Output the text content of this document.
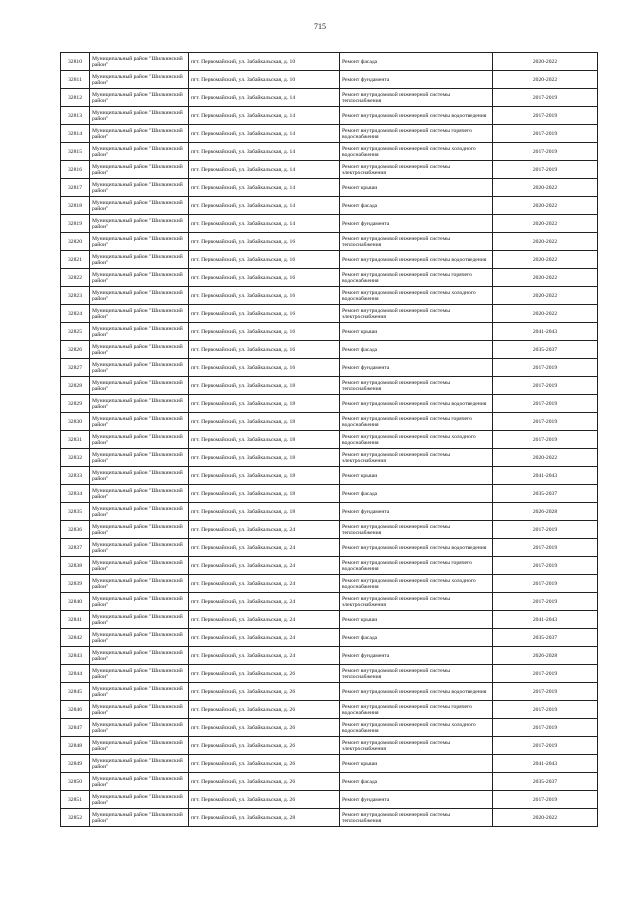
715
32810	Муниципальный район "Шилкинский район"	пгт. Первомайский, ул. Забайкальская, д. 10	Ремонт фасада	2020-2022
32811	Муниципальный район "Шилкинский район"	пгт. Первомайский, ул. Забайкальская, д. 10	Ремонт фундамента	2020-2022
32812	Муниципальный район "Шилкинский район"	пгт. Первомайский, ул. Забайкальская, д. 14	Ремонт внутридомовой инженерной системы теплоснабжения	2017-2019
32813	Муниципальный район "Шилкинский район"	пгт. Первомайский, ул. Забайкальская, д. 14	Ремонт внутридомовой инженерной системы водоотведения	2017-2019
32814	Муниципальный район "Шилкинский район"	пгт. Первомайский, ул. Забайкальская, д. 14	Ремонт внутридомовой инженерной системы горячего водоснабжения	2017-2019
32815	Муниципальный район "Шилкинский район"	пгт. Первомайский, ул. Забайкальская, д. 14	Ремонт внутридомовой инженерной системы холодного водоснабжения	2017-2019
32816	Муниципальный район "Шилкинский район"	пгт. Первомайский, ул. Забайкальская, д. 14	Ремонт внутридомовой инженерной системы электроснабжения	2017-2019
32817	Муниципальный район "Шилкинский район"	пгт. Первомайский, ул. Забайкальская, д. 14	Ремонт крыши	2020-2022
32818	Муниципальный район "Шилкинский район"	пгт. Первомайский, ул. Забайкальская, д. 14	Ремонт фасада	2020-2022
32819	Муниципальный район "Шилкинский район"	пгт. Первомайский, ул. Забайкальская, д. 14	Ремонт фундамента	2020-2022
32820	Муниципальный район "Шилкинский район"	пгт. Первомайский, ул. Забайкальская, д. 16	Ремонт внутридомовой инженерной системы теплоснабжения	2020-2022
32821	Муниципальный район "Шилкинский район"	пгт. Первомайский, ул. Забайкальская, д. 16	Ремонт внутридомовой инженерной системы водоотведения	2020-2022
32822	Муниципальный район "Шилкинский район"	пгт. Первомайский, ул. Забайкальская, д. 16	Ремонт внутридомовой инженерной системы горячего водоснабжения	2020-2022
32823	Муниципальный район "Шилкинский район"	пгт. Первомайский, ул. Забайкальская, д. 16	Ремонт внутридомовой инженерной системы холодного водоснабжения	2020-2022
32824	Муниципальный район "Шилкинский район"	пгт. Первомайский, ул. Забайкальская, д. 16	Ремонт внутридомовой инженерной системы электроснабжения	2020-2022
32825	Муниципальный район "Шилкинский район"	пгт. Первомайский, ул. Забайкальская, д. 16	Ремонт крыши	2041-2043
32826	Муниципальный район "Шилкинский район"	пгт. Первомайский, ул. Забайкальская, д. 16	Ремонт фасада	2035-2037
32827	Муниципальный район "Шилкинский район"	пгт. Первомайский, ул. Забайкальская, д. 16	Ремонт фундамента	2017-2019
32828	Муниципальный район "Шилкинский район"	пгт. Первомайский, ул. Забайкальская, д. 18	Ремонт внутридомовой инженерной системы теплоснабжения	2017-2019
32829	Муниципальный район "Шилкинский район"	пгт. Первомайский, ул. Забайкальская, д. 18	Ремонт внутридомовой инженерной системы водоотведения	2017-2019
32830	Муниципальный район "Шилкинский район"	пгт. Первомайский, ул. Забайкальская, д. 18	Ремонт внутридомовой инженерной системы горячего водоснабжения	2017-2019
32831	Муниципальный район "Шилкинский район"	пгт. Первомайский, ул. Забайкальская, д. 18	Ремонт внутридомовой инженерной системы холодного водоснабжения	2017-2019
32832	Муниципальный район "Шилкинский район"	пгт. Первомайский, ул. Забайкальская, д. 18	Ремонт внутридомовой инженерной системы электроснабжения	2020-2022
32833	Муниципальный район "Шилкинский район"	пгт. Первомайский, ул. Забайкальская, д. 18	Ремонт крыши	2041-2043
32834	Муниципальный район "Шилкинский район"	пгт. Первомайский, ул. Забайкальская, д. 18	Ремонт фасада	2035-2037
32835	Муниципальный район "Шилкинский район"	пгт. Первомайский, ул. Забайкальская, д. 18	Ремонт фундамента	2026-2028
32836	Муниципальный район "Шилкинский район"	пгт. Первомайский, ул. Забайкальская, д. 24	Ремонт внутридомовой инженерной системы теплоснабжения	2017-2019
32837	Муниципальный район "Шилкинский район"	пгт. Первомайский, ул. Забайкальская, д. 24	Ремонт внутридомовой инженерной системы водоотведения	2017-2019
32838	Муниципальный район "Шилкинский район"	пгт. Первомайский, ул. Забайкальская, д. 24	Ремонт внутридомовой инженерной системы горячего водоснабжения	2017-2019
32839	Муниципальный район "Шилкинский район"	пгт. Первомайский, ул. Забайкальская, д. 24	Ремонт внутридомовой инженерной системы холодного водоснабжения	2017-2019
32840	Муниципальный район "Шилкинский район"	пгт. Первомайский, ул. Забайкальская, д. 24	Ремонт внутридомовой инженерной системы электроснабжения	2017-2019
32841	Муниципальный район "Шилкинский район"	пгт. Первомайский, ул. Забайкальская, д. 24	Ремонт крыши	2041-2043
32842	Муниципальный район "Шилкинский район"	пгт. Первомайский, ул. Забайкальская, д. 24	Ремонт фасада	2035-2037
32843	Муниципальный район "Шилкинский район"	пгт. Первомайский, ул. Забайкальская, д. 24	Ремонт фундамента	2026-2028
32844	Муниципальный район "Шилкинский район"	пгт. Первомайский, ул. Забайкальская, д. 26	Ремонт внутридомовой инженерной системы теплоснабжения	2017-2019
32845	Муниципальный район "Шилкинский район"	пгт. Первомайский, ул. Забайкальская, д. 26	Ремонт внутридомовой инженерной системы водоотведения	2017-2019
32846	Муниципальный район "Шилкинский район"	пгт. Первомайский, ул. Забайкальская, д. 26	Ремонт внутридомовой инженерной системы горячего водоснабжения	2017-2019
32847	Муниципальный район "Шилкинский район"	пгт. Первомайский, ул. Забайкальская, д. 26	Ремонт внутридомовой инженерной системы холодного водоснабжения	2017-2019
32848	Муниципальный район "Шилкинский район"	пгт. Первомайский, ул. Забайкальская, д. 26	Ремонт внутридомовой инженерной системы электроснабжения	2017-2019
32849	Муниципальный район "Шилкинский район"	пгт. Первомайский, ул. Забайкальская, д. 26	Ремонт крыши	2041-2043
32850	Муниципальный район "Шилкинский район"	пгт. Первомайский, ул. Забайкальская, д. 26	Ремонт фасада	2035-2037
32851	Муниципальный район "Шилкинский район"	пгт. Первомайский, ул. Забайкальская, д. 26	Ремонт фундамента	2017-2019
32852	Муниципальный район "Шилкинский район"	пгт. Первомайский, ул. Забайкальская, д. 28	Ремонт внутридомовой инженерной системы теплоснабжения	2020-2022
